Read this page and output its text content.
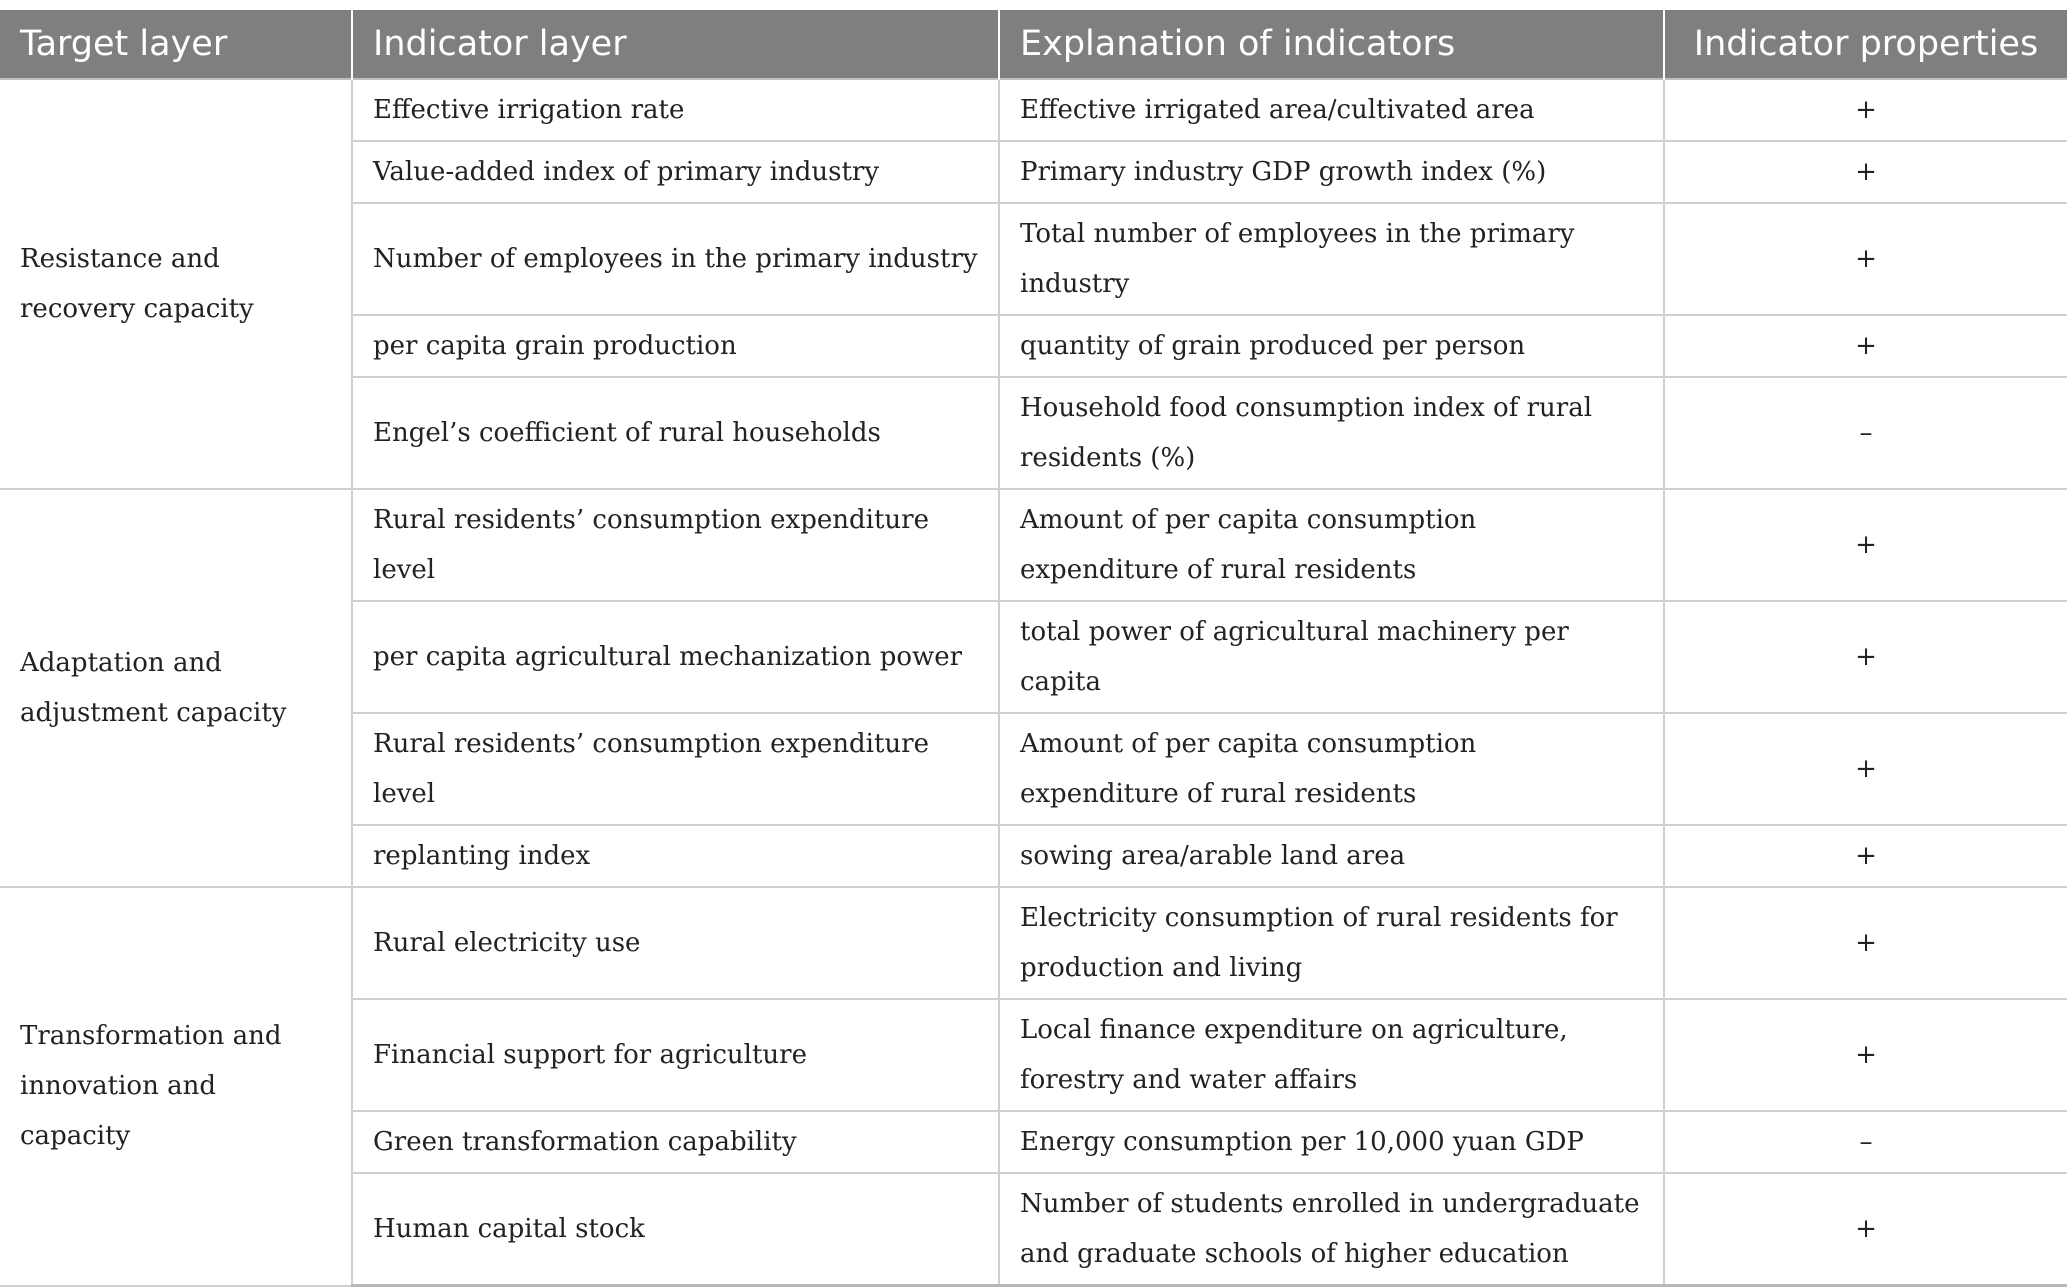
Target layer	Indicator layer	Explanation of indicators	Indicator properties
Resistance and recovery capacity	Effective irrigation rate	Effective irrigated area/cultivated area	+
	Value-added index of primary industry	Primary industry GDP growth index (%)	+
	Number of employees in the primary industry	Total number of employees in the primary industry	+
	per capita grain production	quantity of grain produced per person	+
	Engel’s coefficient of rural households	Household food consumption index of rural residents (%)	–
Adaptation and adjustment capacity	Rural residents’ consumption expenditure level	Amount of per capita consumption expenditure of rural residents	+
	per capita agricultural mechanization power	total power of agricultural machinery per capita	+
	Rural residents’ consumption expenditure level	Amount of per capita consumption expenditure of rural residents	+
	replanting index	sowing area/arable land area	+
Transformation and innovation and capacity	Rural electricity use	Electricity consumption of rural residents for production and living	+
	Financial support for agriculture	Local finance expenditure on agriculture, forestry and water affairs	+
	Green transformation capability	Energy consumption per 10,000 yuan GDP	–
	Human capital stock	Number of students enrolled in undergraduate and graduate schools of higher education	+
